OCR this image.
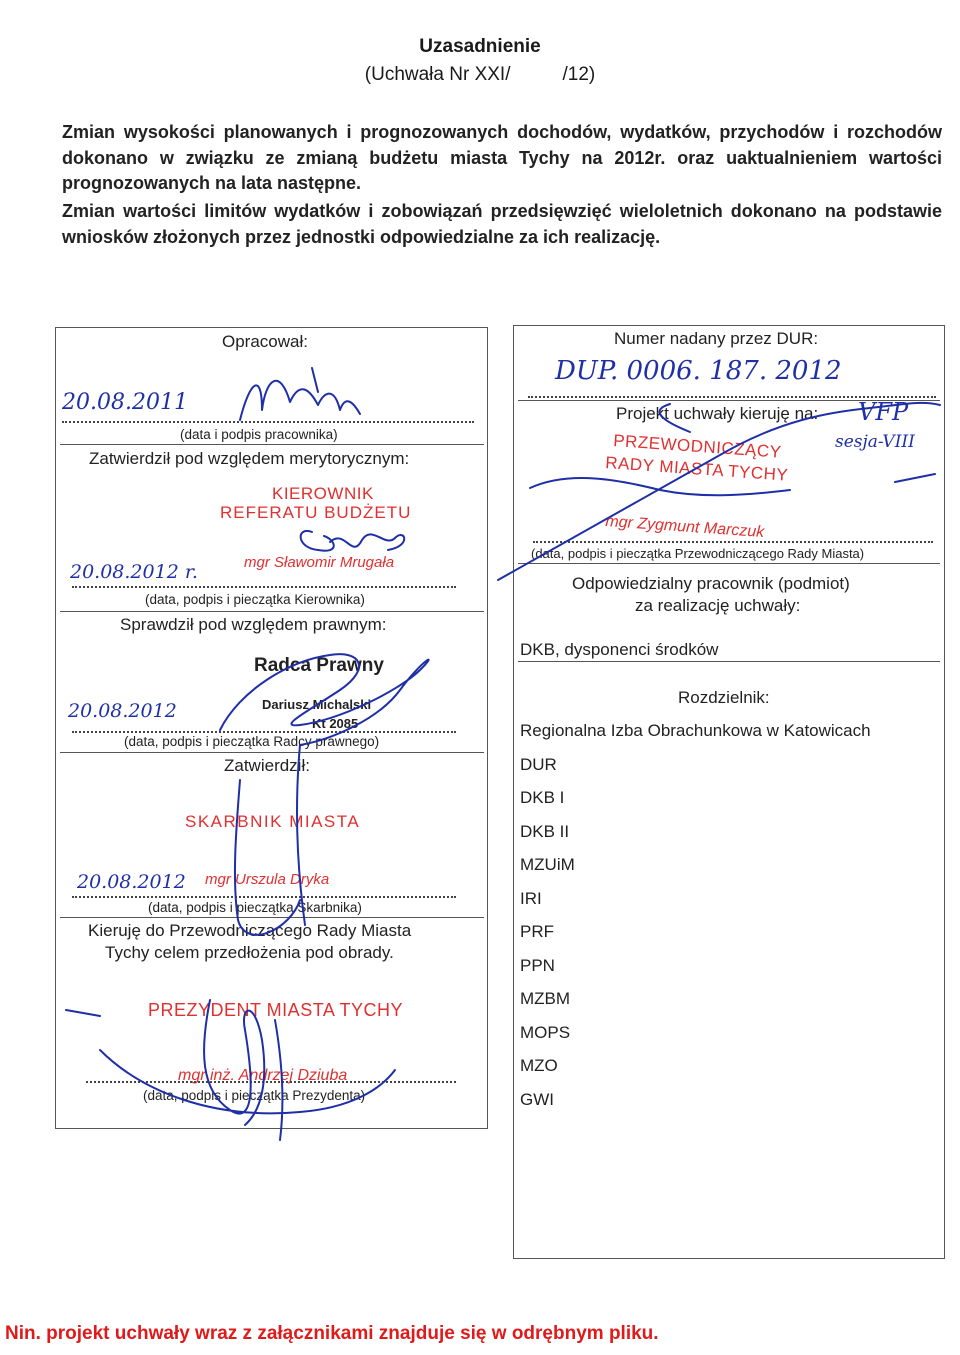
Uzasadnienie
(Uchwała Nr XXI/	/12)
Zmian wysokości planowanych i prognozowanych dochodów, wydatków, przychodów i rozchodów dokonano w związku ze zmianą budżetu miasta Tychy na 2012r. oraz uaktualnieniem wartości prognozowanych na lata następne.
Zmian wartości limitów wydatków i zobowiązań przedsięwzięć wieloletnich dokonano na podstawie wniosków złożonych przez jednostki odpowiedzialne za ich realizację.
Opracował:
20.08.2011
(data i podpis pracownika)
Zatwierdził pod względem merytorycznym:
KIEROWNIK
REFERATU BUDŻETU
mgr Sławomir Mrugała
20.08.2012 r.
(data, podpis i pieczątka Kierownika)
Sprawdził pod względem prawnym:
Radca Prawny
Dariusz Michalski
Kt 2085
20.08.2012
(data, podpis i pieczątka Radcy prawnego)
Zatwierdził:
SKARBNIK MIASTA
mgr Urszula Dryka
20.08.2012
(data, podpis i pieczątka Skarbnika)
Kieruję do Przewodniczącego Rady Miasta
Tychy celem przedłożenia pod obrady.
PREZYDENT MIASTA TYCHY
mgr inż. Andrzej Dziuba
(data, podpis i pieczątka Prezydenta)
Numer nadany przez DUR:
DUP. 0006. 187. 2012
Projekt uchwały kieruję na: VFP
sesja-VIII
PRZEWODNICZĄCY
RADY MIASTA TYCHY
mgr Zygmunt Marczuk
(data, podpis i pieczątka Przewodniczącego Rady Miasta)
Odpowiedzialny pracownik (podmiot)
za realizację uchwały:
DKB, dysponenci środków
Rozdzielnik:
Regionalna Izba Obrachunkowa w Katowicach
DUR
DKB I
DKB II
MZUiM
IRI
PRF
PPN
MZBM
MOPS
MZO
GWI
Nin. projekt uchwały wraz z załącznikami znajduje się w odrębnym pliku.
